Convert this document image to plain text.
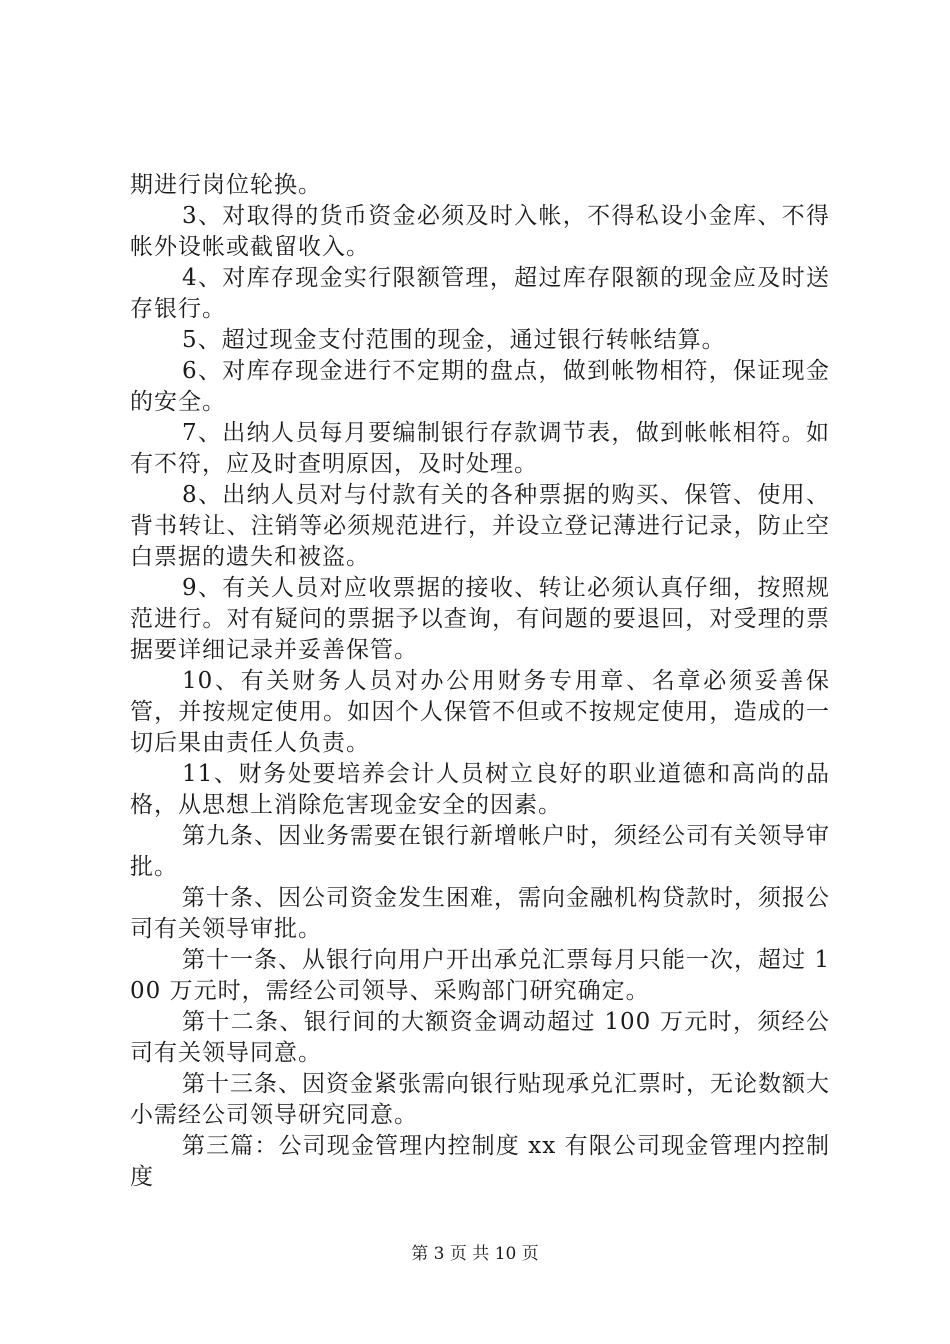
期进行岗位轮换。

3、对取得的货币资金必须及时入帐，不得私设小金库、不得帐外设帐或截留收入。

4、对库存现金实行限额管理，超过库存限额的现金应及时送存银行。

5、超过现金支付范围的现金，通过银行转帐结算。

6、对库存现金进行不定期的盘点，做到帐物相符，保证现金的安全。

7、出纳人员每月要编制银行存款调节表，做到帐帐相符。如有不符，应及时查明原因，及时处理。

8、出纳人员对与付款有关的各种票据的购买、保管、使用、背书转让、注销等必须规范进行，并设立登记薄进行记录，防止空白票据的遗失和被盗。

9、有关人员对应收票据的接收、转让必须认真仔细，按照规范进行。对有疑问的票据予以查询，有问题的要退回，对受理的票据要详细记录并妥善保管。

10、有关财务人员对办公用财务专用章、名章必须妥善保管，并按规定使用。如因个人保管不但或不按规定使用，造成的一切后果由责任人负责。

11、财务处要培养会计人员树立良好的职业道德和高尚的品格，从思想上消除危害现金安全的因素。

第九条、因业务需要在银行新增帐户时，须经公司有关领导审批。

第十条、因公司资金发生困难，需向金融机构贷款时，须报公司有关领导审批。

第十一条、从银行向用户开出承兑汇票每月只能一次，超过 100 万元时，需经公司领导、采购部门研究确定。

第十二条、银行间的大额资金调动超过 100 万元时，须经公司有关领导同意。

第十三条、因资金紧张需向银行贴现承兑汇票时，无论数额大小需经公司领导研究同意。

第三篇：公司现金管理内控制度 xx 有限公司现金管理内控制度

第 3 页 共 10 页
